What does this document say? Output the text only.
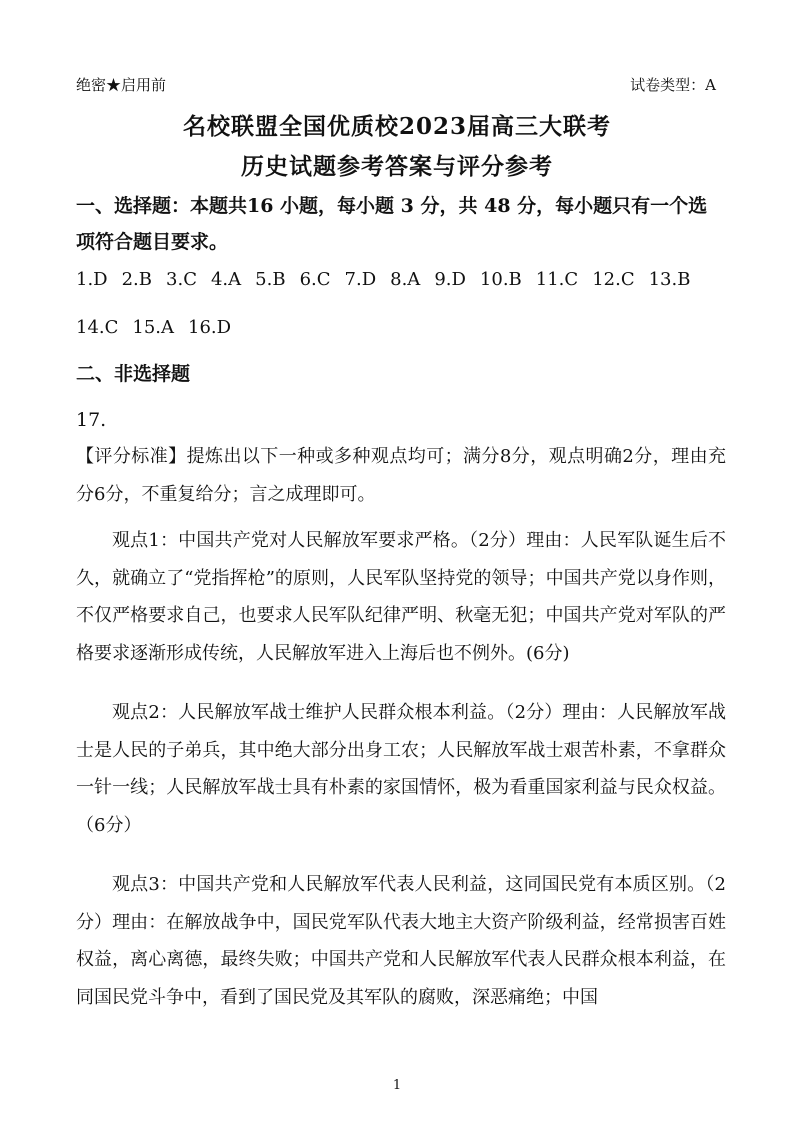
绝密★启用前	试卷类型：A
名校联盟全国优质校2023届高三大联考
历史试题参考答案与评分参考
一、选择题：本题共16 小题，每小题 3 分，共 48 分，每小题只有一个选项符合题目要求。
1.D 2.B 3.C 4.A 5.B 6.C 7.D 8.A 9.D 10.B 11.C 12.C 13.B
14.C 15.A 16.D
二、非选择题
17.

【评分标准】提炼出以下一种或多种观点均可；满分8分，观点明确2分，理由充分6分，不重复给分；言之成理即可。

观点1：中国共产党对人民解放军要求严格。（2分）理由：人民军队诞生后不久，就确立了“党指挥枪”的原则，人民军队坚持党的领导；中国共产党以身作则，不仅严格要求自己，也要求人民军队纪律严明、秋毫无犯；中国共产党对军队的严格要求逐渐形成传统，人民解放军进入上海后也不例外。(6分)

观点2：人民解放军战士维护人民群众根本利益。（2分）理由：人民解放军战士是人民的子弟兵，其中绝大部分出身工农；人民解放军战士艰苦朴素，不拿群众一针一线；人民解放军战士具有朴素的家国情怀，极为看重国家利益与民众权益。（6分）

观点3：中国共产党和人民解放军代表人民利益，这同国民党有本质区别。（2分）理由：在解放战争中，国民党军队代表大地主大资产阶级利益，经常损害百姓权益，离心离德，最终失败；中国共产党和人民解放军代表人民群众根本利益，在同国民党斗争中，看到了国民党及其军队的腐败，深恶痛绝；中国

1
